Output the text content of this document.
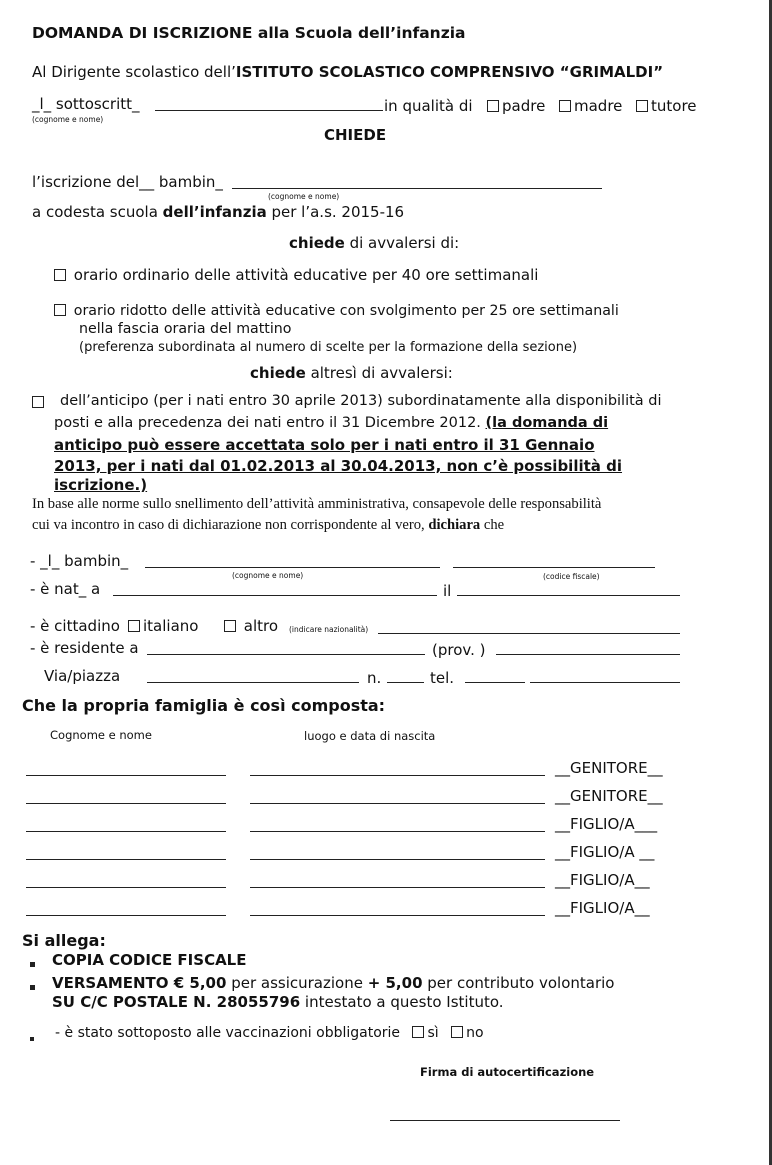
DOMANDA DI ISCRIZIONE alla Scuola dell’infanzia
Al Dirigente scolastico dell’ISTITUTO SCOLASTICO COMPRENSIVO “GRIMALDI”
_l_ sottoscritt_
(cognome e nome)
in qualità di	padre	madre	tutore
CHIEDE
l’iscrizione del__ bambin_
(cognome e nome)
a codesta scuola dell’infanzia per l’a.s. 2015-16
chiede di avvalersi di:
orario ordinario delle attività educative per 40 ore settimanali
orario ridotto delle attività educative con svolgimento per 25 ore settimanali
nella fascia oraria del mattino
(preferenza subordinata al numero di scelte per la formazione della sezione)
chiede altresì di avvalersi:
dell’anticipo (per i nati entro 30 aprile 2013) subordinatamente alla disponibilità di
posti e alla precedenza dei nati entro il 31 Dicembre 2012. (la domanda di
anticipo può essere accettata solo per i nati entro il 31 Gennaio
2013, per i nati dal 01.02.2013 al 30.04.2013, non c’è possibilità di
iscrizione.)
In base alle norme sullo snellimento dell’attività amministrativa, consapevole delle responsabilità
cui va incontro in caso di dichiarazione non corrispondente al vero, dichiara che
- _l_ bambin_
(cognome e nome)	(codice fiscale)
- è nat_ a	il
- è cittadino	italiano	altro (indicare nazionalità)
- è residente a	(prov. )
Via/piazza	n.	tel.
Che la propria famiglia è così composta:
Cognome e nome	luogo e data di nascita
__GENITORE__
__GENITORE__
__FIGLIO/A___
__FIGLIO/A __
__FIGLIO/A__
__FIGLIO/A__
Si allega:
COPIA CODICE FISCALE
VERSAMENTO € 5,00 per assicurazione + 5,00 per contributo volontario
SU C/C POSTALE N. 28055796 intestato a questo Istituto.
- è stato sottoposto alle vaccinazioni obbligatorie sì no
Firma di autocertificazione
